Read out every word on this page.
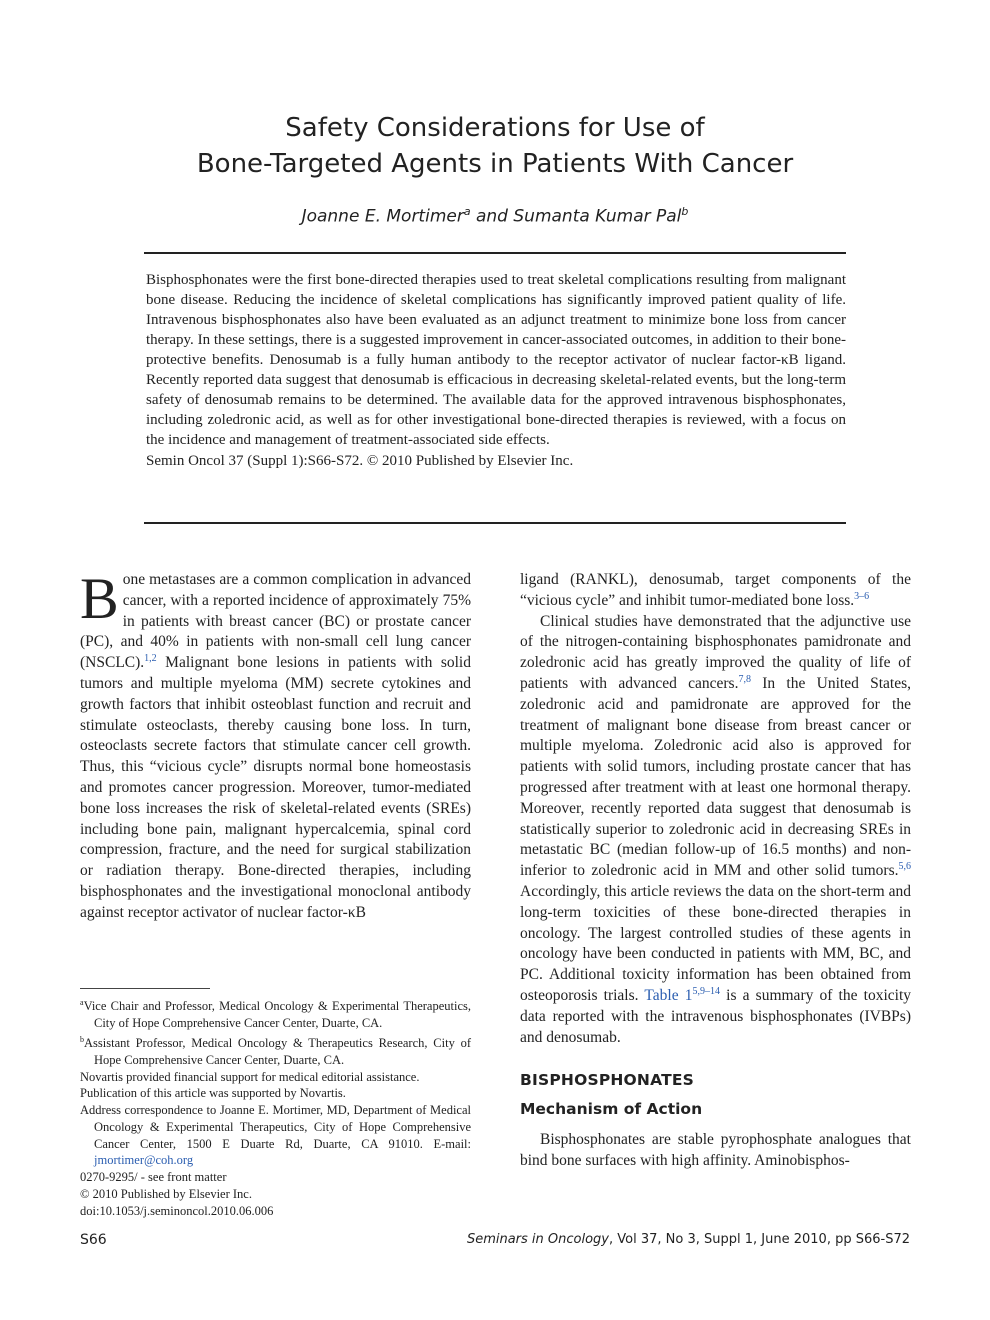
Safety Considerations for Use of
Bone-Targeted Agents in Patients With Cancer
Joanne E. Mortimer$^a$ and Sumanta Kumar Pal$^b$
Bisphosphonates were the first bone-directed therapies used to treat skeletal complications resulting from malignant bone disease. Reducing the incidence of skeletal complications has significantly improved patient quality of life. Intravenous bisphosphonates also have been evaluated as an adjunct treatment to minimize bone loss from cancer therapy. In these settings, there is a suggested improvement in cancer-associated outcomes, in addition to their bone-protective benefits. Denosumab is a fully human antibody to the receptor activator of nuclear factor-κB ligand. Recently reported data suggest that denosumab is efficacious in decreasing skeletal-related events, but the long-term safety of denosumab remains to be determined. The available data for the approved intravenous bisphosphonates, including zoledronic acid, as well as for other investigational bone-directed therapies is reviewed, with a focus on the incidence and management of treatment-associated side effects.
Semin Oncol 37 (Suppl 1):S66-S72. © 2010 Published by Elsevier Inc.

Bone metastases are a common complication in advanced cancer, with a reported incidence of approximately 75% in patients with breast cancer (BC) or prostate cancer (PC), and 40% in patients with non-small cell lung cancer (NSCLC).$^{1,2}$ Malignant bone lesions in patients with solid tumors and multiple myeloma (MM) secrete cytokines and growth factors that inhibit osteoblast function and recruit and stimulate osteoclasts, thereby causing bone loss. In turn, osteoclasts secrete factors that stimulate cancer cell growth. Thus, this “vicious cycle” disrupts normal bone homeostasis and promotes cancer progression. Moreover, tumor-mediated bone loss increases the risk of skeletal-related events (SREs) including bone pain, malignant hypercalcemia, spinal cord compression, fracture, and the need for surgical stabilization or radiation therapy. Bone-directed therapies, including bisphosphonates and the investigational monoclonal antibody against receptor activator of nuclear factor-κB

$^a$Vice Chair and Professor, Medical Oncology & Experimental Therapeutics, City of Hope Comprehensive Cancer Center, Duarte, CA.
$^b$Assistant Professor, Medical Oncology & Therapeutics Research, City of Hope Comprehensive Cancer Center, Duarte, CA.
Novartis provided financial support for medical editorial assistance.
Publication of this article was supported by Novartis.
Address correspondence to Joanne E. Mortimer, MD, Department of Medical Oncology & Experimental Therapeutics, City of Hope Comprehensive Cancer Center, 1500 E Duarte Rd, Duarte, CA 91010. E-mail: jmortimer@coh.org
0270-9295/ - see front matter
© 2010 Published by Elsevier Inc.
doi:10.1053/j.seminoncol.2010.06.006

ligand (RANKL), denosumab, target components of the “vicious cycle” and inhibit tumor-mediated bone loss.$^{3-6}$

Clinical studies have demonstrated that the adjunctive use of the nitrogen-containing bisphosphonates pamidronate and zoledronic acid has greatly improved the quality of life of patients with advanced cancers.$^{7,8}$ In the United States, zoledronic acid and pamidronate are approved for the treatment of malignant bone disease from breast cancer or multiple myeloma. Zoledronic acid also is approved for patients with solid tumors, including prostate cancer that has progressed after treatment with at least one hormonal therapy. Moreover, recently reported data suggest that denosumab is statistically superior to zoledronic acid in decreasing SREs in metastatic BC (median follow-up of 16.5 months) and non-inferior to zoledronic acid in MM and other solid tumors.$^{5,6}$ Accordingly, this article reviews the data on the short-term and long-term toxicities of these bone-directed therapies in oncology. The largest controlled studies of these agents in oncology have been conducted in patients with MM, BC, and PC. Additional toxicity information has been obtained from osteoporosis trials. Table 1$^{5,9-14}$ is a summary of the toxicity data reported with the intravenous bisphosphonates (IVBPs) and denosumab.

BISPHOSPHONATES
Mechanism of Action

Bisphosphonates are stable pyrophosphate analogues that bind bone surfaces with high affinity. Aminobisphos-

S66	Seminars in Oncology, Vol 37, No 3, Suppl 1, June 2010, pp S66-S72
